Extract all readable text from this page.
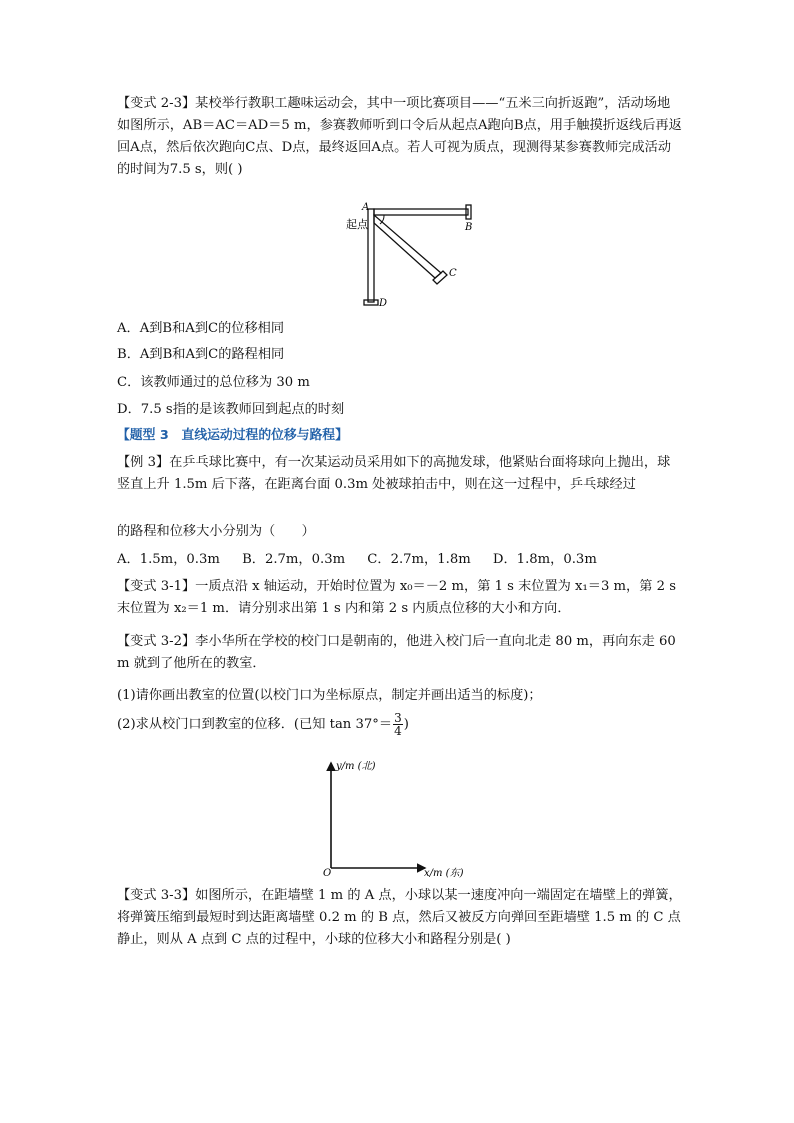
【变式 2-3】某校举行教职工趣味运动会，其中一项比赛项目——“五米三向折返跑”，活动场地如图所示，AB＝AC＝AD＝5 m，参赛教师听到口令后从起点A跑向B点，用手触摸折返线后再返回A点，然后依次跑向C点、D点，最终返回A点。若人可视为质点，现测得某参赛教师完成活动的时间为7.5 s，则( )

A
起点	B
C
D
A．A到B和A到C的位移相同
B．A到B和A到C的路程相同
C．该教师通过的总位移为 30 m
D．7.5 s指的是该教师回到起点的时刻
【题型 3　直线运动过程的位移与路程】

【例 3】在乒乓球比赛中，有一次某运动员采用如下的高抛发球，他紧贴台面将球向上抛出，球竖直上升 1.5m 后下落，在距离台面 0.3m 处被球拍击中，则在这一过程中，乒乓球经过

的路程和位移大小分别为（　　）

A．1.5m，0.3m B．2.7m，0.3m C．2.7m，1.8m D．1.8m，0.3m

【变式 3-1】一质点沿 x 轴运动，开始时位置为 x₀＝－2 m，第 1 s 末位置为 x₁＝3 m，第 2 s 末位置为 x₂＝1 m．请分别求出第 1 s 内和第 2 s 内质点位移的大小和方向．

【变式 3-2】李小华所在学校的校门口是朝南的，他进入校门后一直向北走 80 m，再向东走 60 m 就到了他所在的教室．

(1)请你画出教室的位置(以校门口为坐标原点，制定并画出适当的标度)；
(2)求从校门口到教室的位移．(已知 $\tan 37^\circ= \frac{3}{4}$ )
y/m (北)
x/m (东)
O

【变式 3-3】如图所示，在距墙壁 1 m 的 A 点，小球以某一速度冲向一端固定在墙壁上的弹簧，将弹簧压缩到最短时到达距离墙壁 0.2 m 的 B 点，然后又被反方向弹回至距墙壁 1.5 m 的 C 点静止，则从 A 点到 C 点的过程中，小球的位移大小和路程分别是( )
